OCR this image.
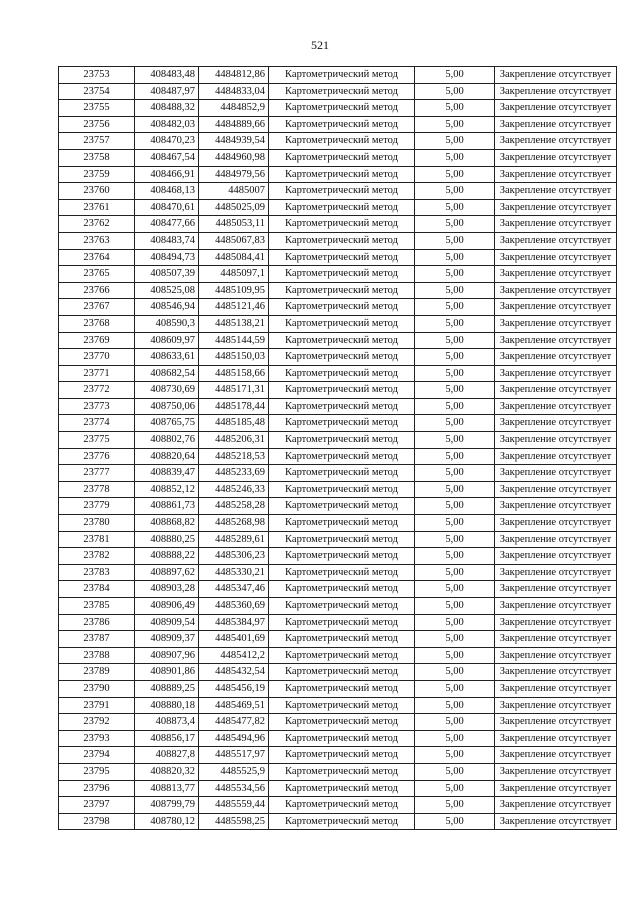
521
23753	408483,48	4484812,86	Картометрический метод	5,00	Закрепление отсутствует
23754	408487,97	4484833,04	Картометрический метод	5,00	Закрепление отсутствует
23755	408488,32	4484852,9	Картометрический метод	5,00	Закрепление отсутствует
23756	408482,03	4484889,66	Картометрический метод	5,00	Закрепление отсутствует
23757	408470,23	4484939,54	Картометрический метод	5,00	Закрепление отсутствует
23758	408467,54	4484960,98	Картометрический метод	5,00	Закрепление отсутствует
23759	408466,91	4484979,56	Картометрический метод	5,00	Закрепление отсутствует
23760	408468,13	4485007	Картометрический метод	5,00	Закрепление отсутствует
23761	408470,61	4485025,09	Картометрический метод	5,00	Закрепление отсутствует
23762	408477,66	4485053,11	Картометрический метод	5,00	Закрепление отсутствует
23763	408483,74	4485067,83	Картометрический метод	5,00	Закрепление отсутствует
23764	408494,73	4485084,41	Картометрический метод	5,00	Закрепление отсутствует
23765	408507,39	4485097,1	Картометрический метод	5,00	Закрепление отсутствует
23766	408525,08	4485109,95	Картометрический метод	5,00	Закрепление отсутствует
23767	408546,94	4485121,46	Картометрический метод	5,00	Закрепление отсутствует
23768	408590,3	4485138,21	Картометрический метод	5,00	Закрепление отсутствует
23769	408609,97	4485144,59	Картометрический метод	5,00	Закрепление отсутствует
23770	408633,61	4485150,03	Картометрический метод	5,00	Закрепление отсутствует
23771	408682,54	4485158,66	Картометрический метод	5,00	Закрепление отсутствует
23772	408730,69	4485171,31	Картометрический метод	5,00	Закрепление отсутствует
23773	408750,06	4485178,44	Картометрический метод	5,00	Закрепление отсутствует
23774	408765,75	4485185,48	Картометрический метод	5,00	Закрепление отсутствует
23775	408802,76	4485206,31	Картометрический метод	5,00	Закрепление отсутствует
23776	408820,64	4485218,53	Картометрический метод	5,00	Закрепление отсутствует
23777	408839,47	4485233,69	Картометрический метод	5,00	Закрепление отсутствует
23778	408852,12	4485246,33	Картометрический метод	5,00	Закрепление отсутствует
23779	408861,73	4485258,28	Картометрический метод	5,00	Закрепление отсутствует
23780	408868,82	4485268,98	Картометрический метод	5,00	Закрепление отсутствует
23781	408880,25	4485289,61	Картометрический метод	5,00	Закрепление отсутствует
23782	408888,22	4485306,23	Картометрический метод	5,00	Закрепление отсутствует
23783	408897,62	4485330,21	Картометрический метод	5,00	Закрепление отсутствует
23784	408903,28	4485347,46	Картометрический метод	5,00	Закрепление отсутствует
23785	408906,49	4485360,69	Картометрический метод	5,00	Закрепление отсутствует
23786	408909,54	4485384,97	Картометрический метод	5,00	Закрепление отсутствует
23787	408909,37	4485401,69	Картометрический метод	5,00	Закрепление отсутствует
23788	408907,96	4485412,2	Картометрический метод	5,00	Закрепление отсутствует
23789	408901,86	4485432,54	Картометрический метод	5,00	Закрепление отсутствует
23790	408889,25	4485456,19	Картометрический метод	5,00	Закрепление отсутствует
23791	408880,18	4485469,51	Картометрический метод	5,00	Закрепление отсутствует
23792	408873,4	4485477,82	Картометрический метод	5,00	Закрепление отсутствует
23793	408856,17	4485494,96	Картометрический метод	5,00	Закрепление отсутствует
23794	408827,8	4485517,97	Картометрический метод	5,00	Закрепление отсутствует
23795	408820,32	4485525,9	Картометрический метод	5,00	Закрепление отсутствует
23796	408813,77	4485534,56	Картометрический метод	5,00	Закрепление отсутствует
23797	408799,79	4485559,44	Картометрический метод	5,00	Закрепление отсутствует
23798	408780,12	4485598,25	Картометрический метод	5,00	Закрепление отсутствует
